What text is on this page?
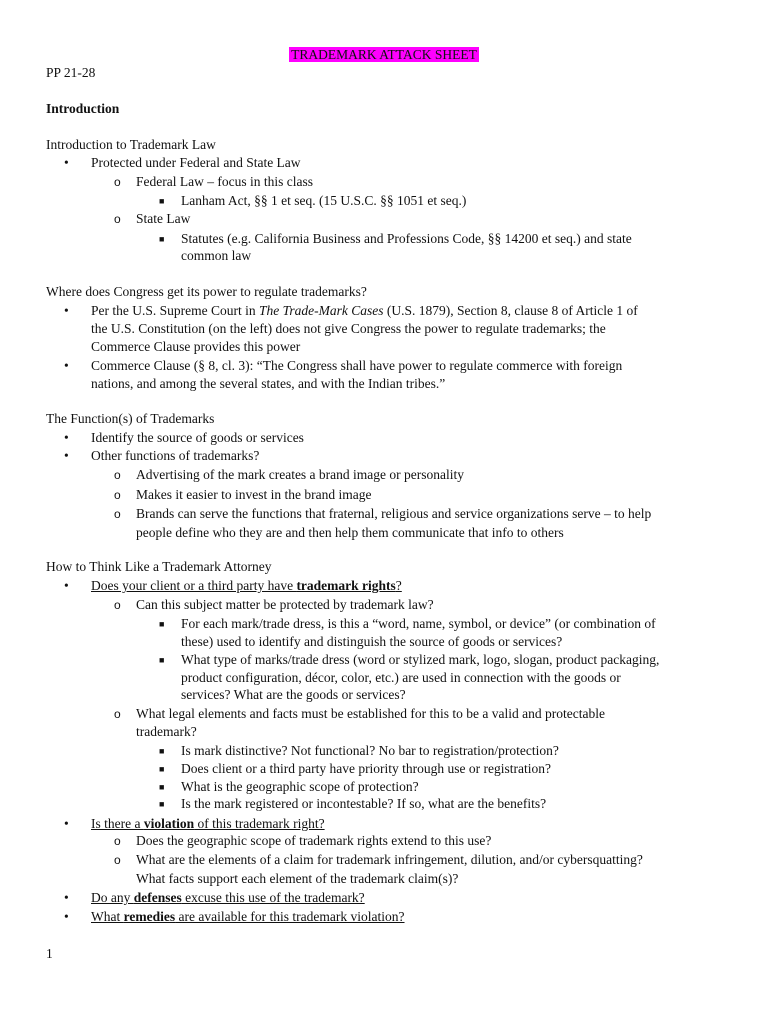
TRADEMARK ATTACK SHEET
PP 21-28
Introduction
Introduction to Trademark Law
• Protected under Federal and State Law
o Federal Law – focus in this class
■ Lanham Act, §§ 1 et seq. (15 U.S.C. §§ 1051 et seq.)
o State Law
■ Statutes (e.g. California Business and Professions Code, §§ 14200 et seq.) and state
common law
Where does Congress get its power to regulate trademarks?
• Per the U.S. Supreme Court in The Trade-Mark Cases (U.S. 1879), Section 8, clause 8 of Article 1 of
the U.S. Constitution (on the left) does not give Congress the power to regulate trademarks; the
Commerce Clause provides this power
• Commerce Clause (§ 8, cl. 3): “The Congress shall have power to regulate commerce with foreign
nations, and among the several states, and with the Indian tribes.”
The Function(s) of Trademarks
• Identify the source of goods or services
• Other functions of trademarks?
o Advertising of the mark creates a brand image or personality
o Makes it easier to invest in the brand image
o Brands can serve the functions that fraternal, religious and service organizations serve – to help
people define who they are and then help them communicate that info to others
How to Think Like a Trademark Attorney
• Does your client or a third party have trademark rights?
o Can this subject matter be protected by trademark law?
■ For each mark/trade dress, is this a “word, name, symbol, or device” (or combination of
these) used to identify and distinguish the source of goods or services?
■ What type of marks/trade dress (word or stylized mark, logo, slogan, product packaging,
product configuration, décor, color, etc.) are used in connection with the goods or
services? What are the goods or services?
o What legal elements and facts must be established for this to be a valid and protectable
trademark?
■ Is mark distinctive? Not functional? No bar to registration/protection?
■ Does client or a third party have priority through use or registration?
■ What is the geographic scope of protection?
■ Is the mark registered or incontestable? If so, what are the benefits?
• Is there a violation of this trademark right?
o Does the geographic scope of trademark rights extend to this use?
o What are the elements of a claim for trademark infringement, dilution, and/or cybersquatting?
What facts support each element of the trademark claim(s)?
• Do any defenses excuse this use of the trademark?
• What remedies are available for this trademark violation?
1
